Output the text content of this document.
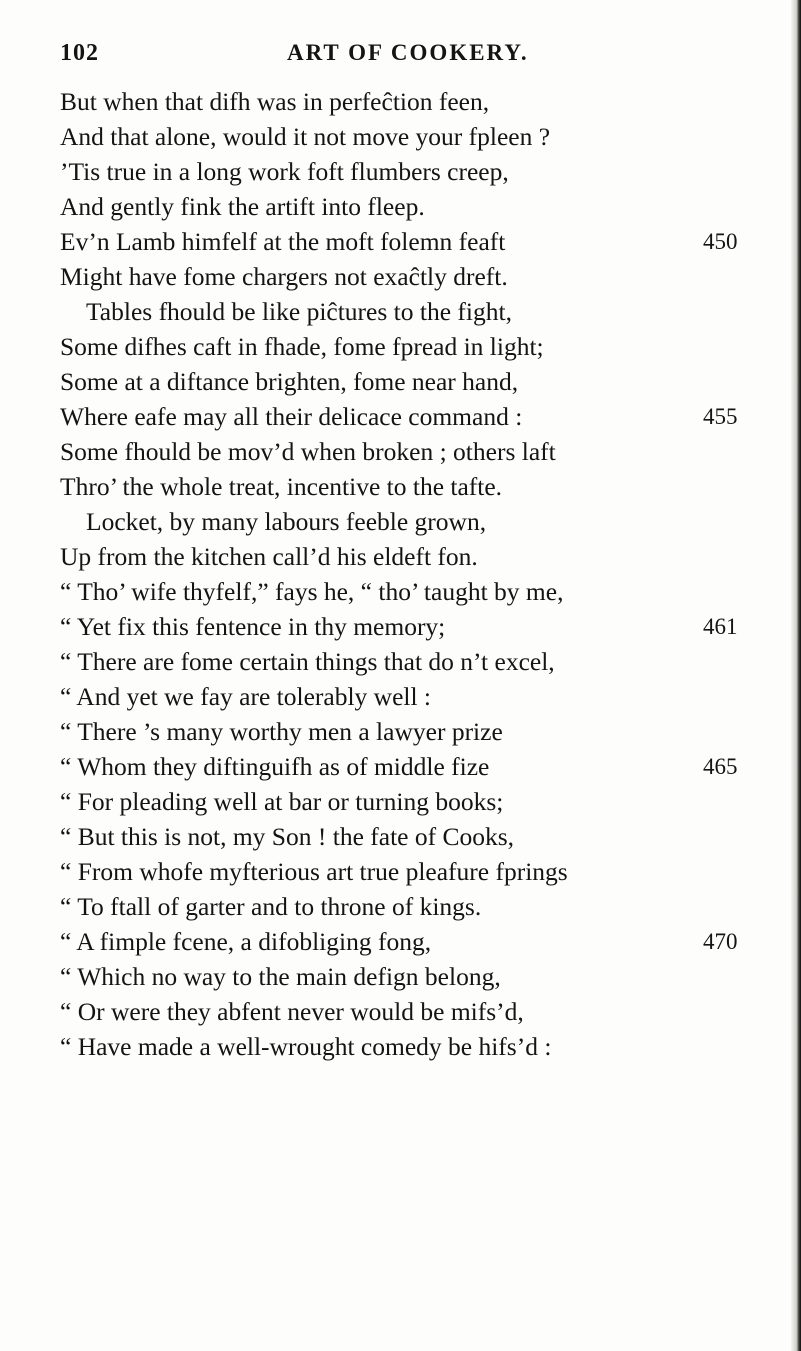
102	ART OF COOKERY.
But when that difh was in perfeĉtion feen,
And that alone, would it not move your fpleen ?
’Tis true in a long work foft flumbers creep,
And gently fink the artift into fleep.
Ev’n Lamb himfelf at the moft folemn feaft	450
Might have fome chargers not exaĉtly dreft.
Tables fhould be like piĉtures to the fight,
Some difhes caft in fhade, fome fpread in light;
Some at a diftance brighten, fome near hand,
Where eafe may all their delicace command :	455
Some fhould be mov’d when broken ; others laft
Thro’ the whole treat, incentive to the tafte.
Locket, by many labours feeble grown,
Up from the kitchen call’d his eldeft fon.
“ Tho’ wife thyfelf,” fays he, “ tho’ taught by me,
“ Yet fix this fentence in thy memory;	461
“ There are fome certain things that do n’t excel,
“ And yet we fay are tolerably well :
“ There ’s many worthy men a lawyer prize
“ Whom they diftinguifh as of middle fize	465
“ For pleading well at bar or turning books;
“ But this is not, my Son ! the fate of Cooks,
“ From whofe myfterious art true pleafure fprings
“ To ftall of garter and to throne of kings.
“ A fimple fcene, a difobliging fong,	470
“ Which no way to the main defign belong,
“ Or were they abfent never would be mifs’d,
“ Have made a well-wrought comedy be hifs’d :
